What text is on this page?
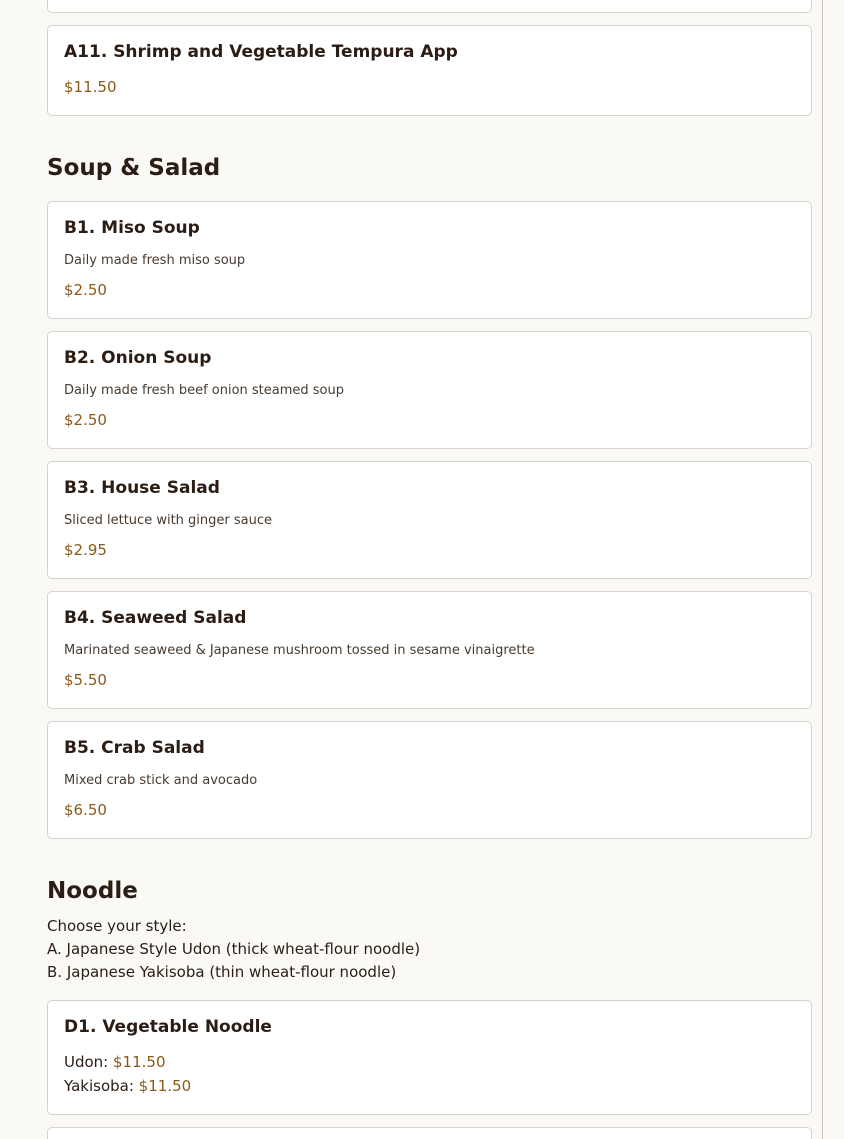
A11. Shrimp and Vegetable Tempura App
$11.50
Soup & Salad
B1. Miso Soup
Daily made fresh miso soup
$2.50
B2. Onion Soup
Daily made fresh beef onion steamed soup
$2.50
B3. House Salad
Sliced lettuce with ginger sauce
$2.95
B4. Seaweed Salad
Marinated seaweed & Japanese mushroom tossed in sesame vinaigrette
$5.50
B5. Crab Salad
Mixed crab stick and avocado
$6.50
Noodle
Choose your style:
A. Japanese Style Udon (thick wheat-flour noodle)
B. Japanese Yakisoba (thin wheat-flour noodle)
D1. Vegetable Noodle
Udon: $11.50
Yakisoba: $11.50
